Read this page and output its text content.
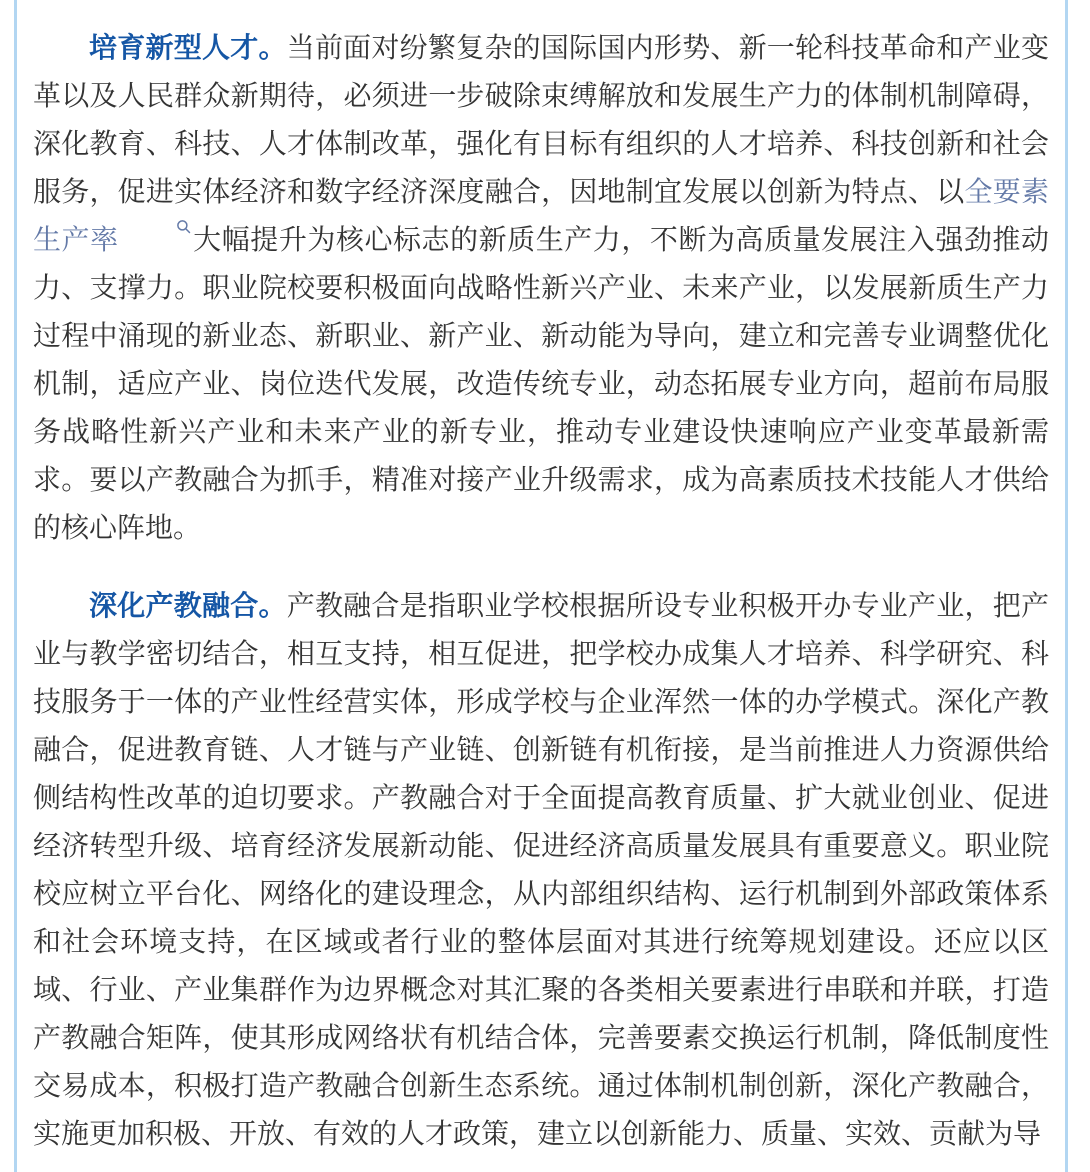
培育新型人才。当前面对纷繁复杂的国际国内形势、新一轮科技革命和产业变革以及人民群众新期待，必须进一步破除束缚解放和发展生产力的体制机制障碍，深化教育、科技、人才体制改革，强化有目标有组织的人才培养、科技创新和社会服务，促进实体经济和数字经济深度融合，因地制宜发展以创新为特点、以全要素生产率	大幅提升为核心标志的新质生产力，不断为高质量发展注入强劲推动力、支撑力。职业院校要积极面向战略性新兴产业、未来产业，以发展新质生产力过程中涌现的新业态、新职业、新产业、新动能为导向，建立和完善专业调整优化机制，适应产业、岗位迭代发展，改造传统专业，动态拓展专业方向，超前布局服务战略性新兴产业和未来产业的新专业，推动专业建设快速响应产业变革最新需求。要以产教融合为抓手，精准对接产业升级需求，成为高素质技术技能人才供给的核心阵地。

深化产教融合。产教融合是指职业学校根据所设专业积极开办专业产业，把产业与教学密切结合，相互支持，相互促进，把学校办成集人才培养、科学研究、科技服务于一体的产业性经营实体，形成学校与企业浑然一体的办学模式。深化产教融合，促进教育链、人才链与产业链、创新链有机衔接，是当前推进人力资源供给侧结构性改革的迫切要求。产教融合对于全面提高教育质量、扩大就业创业、促进经济转型升级、培育经济发展新动能、促进经济高质量发展具有重要意义。职业院校应树立平台化、网络化的建设理念，从内部组织结构、运行机制到外部政策体系和社会环境支持，在区域或者行业的整体层面对其进行统筹规划建设。还应以区域、行业、产业集群作为边界概念对其汇聚的各类相关要素进行串联和并联，打造产教融合矩阵，使其形成网络状有机结合体，完善要素交换运行机制，降低制度性交易成本，积极打造产教融合创新生态系统。通过体制机制创新，深化产教融合，实施更加积极、开放、有效的人才政策，建立以创新能力、质量、实效、贡献为导
